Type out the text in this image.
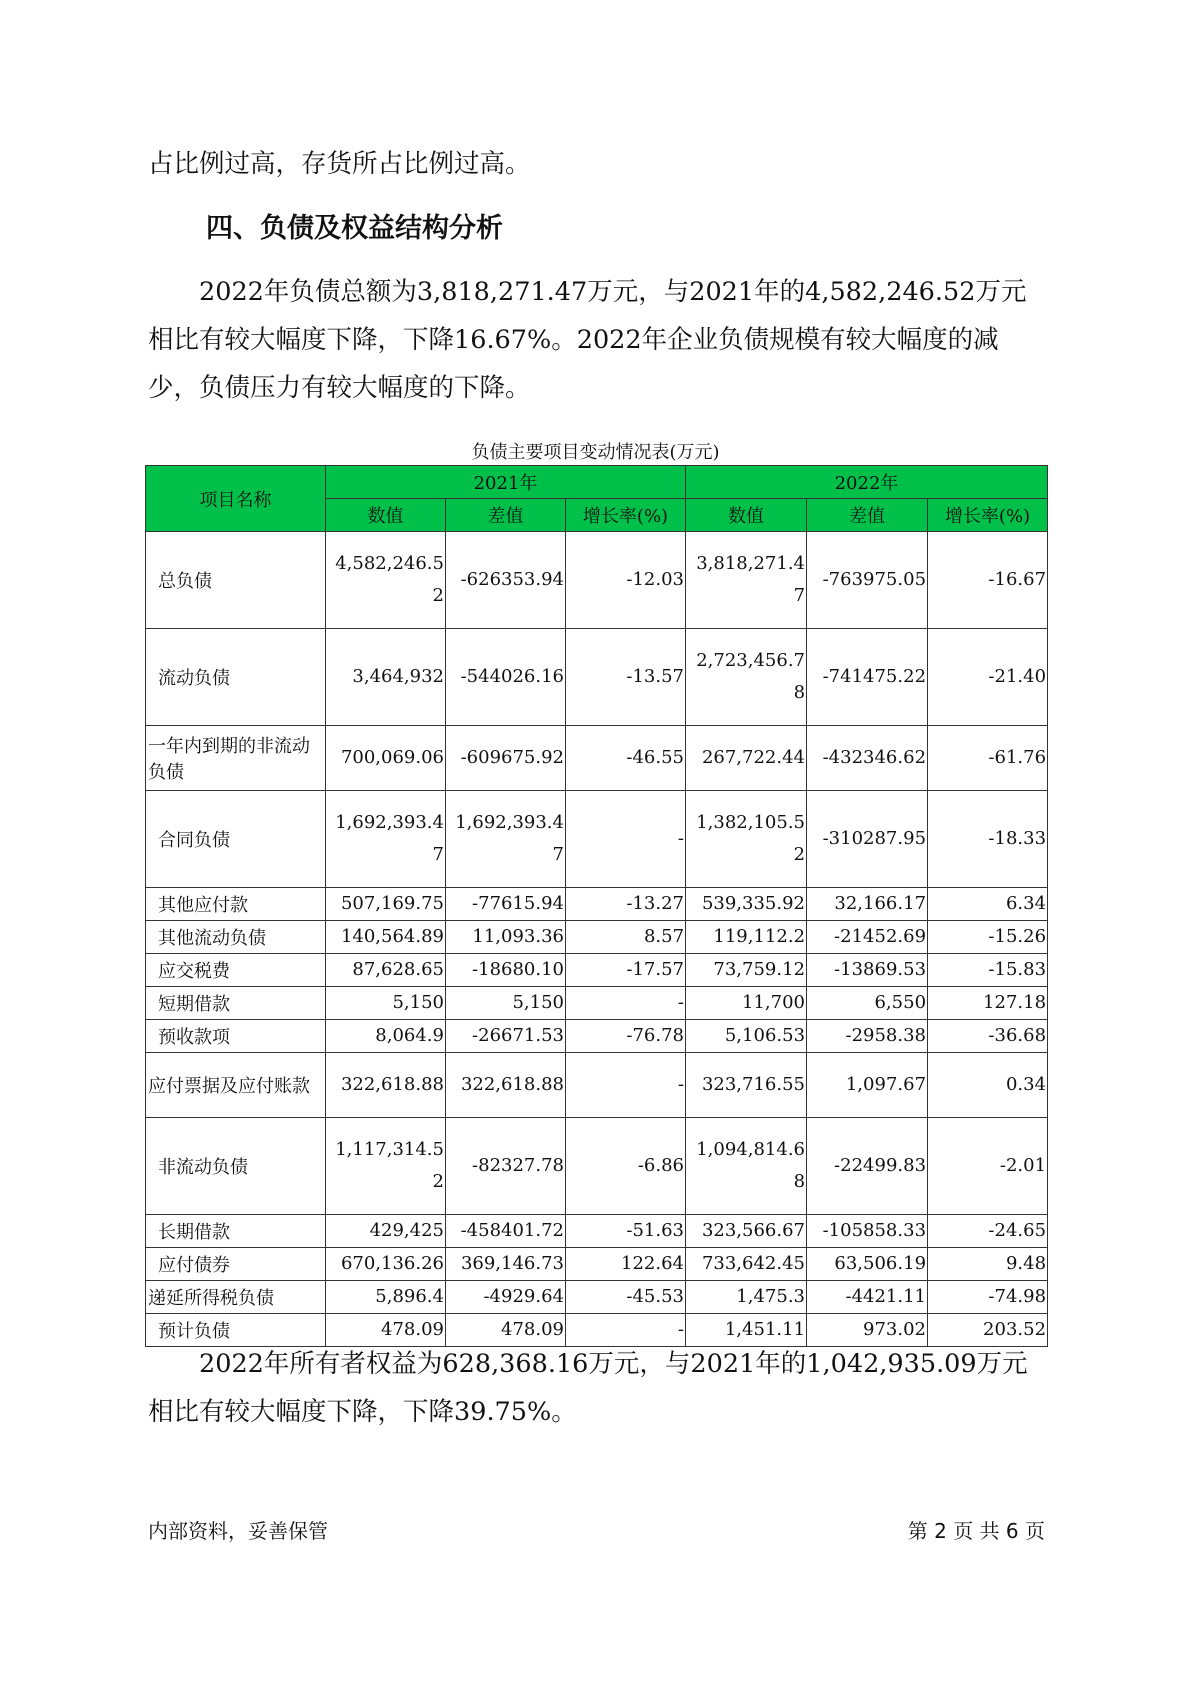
占比例过高，存货所占比例过高。

四、负债及权益结构分析

2022年负债总额为3,818,271.47万元，与2021年的4,582,246.52万元相比有较大幅度下降，下降16.67%。2022年企业负债规模有较大幅度的减少，负债压力有较大幅度的下降。

负债主要项目变动情况表(万元)
项目名称	2021年			2022年		
	数值	差值	增长率(%)	数值	差值	增长率(%)
总负债	4,582,246.52	-626353.94	-12.03	3,818,271.47	-763975.05	-16.67
流动负债	3,464,932	-544026.16	-13.57	2,723,456.78	-741475.22	-21.40
一年内到期的非流动负债	700,069.06	-609675.92	-46.55	267,722.44	-432346.62	-61.76
合同负债	1,692,393.47	1,692,393.47	-	1,382,105.52	-310287.95	-18.33
其他应付款	507,169.75	-77615.94	-13.27	539,335.92	32,166.17	6.34
其他流动负债	140,564.89	11,093.36	8.57	119,112.2	-21452.69	-15.26
应交税费	87,628.65	-18680.10	-17.57	73,759.12	-13869.53	-15.83
短期借款	5,150	5,150	-	11,700	6,550	127.18
预收款项	8,064.9	-26671.53	-76.78	5,106.53	-2958.38	-36.68
应付票据及应付账款	322,618.88	322,618.88	-	323,716.55	1,097.67	0.34
非流动负债	1,117,314.52	-82327.78	-6.86	1,094,814.68	-22499.83	-2.01
长期借款	429,425	-458401.72	-51.63	323,566.67	-105858.33	-24.65
应付债券	670,136.26	369,146.73	122.64	733,642.45	63,506.19	9.48
递延所得税负债	5,896.4	-4929.64	-45.53	1,475.3	-4421.11	-74.98
预计负债	478.09	478.09	-	1,451.11	973.02	203.52

2022年所有者权益为628,368.16万元，与2021年的1,042,935.09万元相比有较大幅度下降，下降39.75%。

内部资料，妥善保管	第 2 页 共 6 页
